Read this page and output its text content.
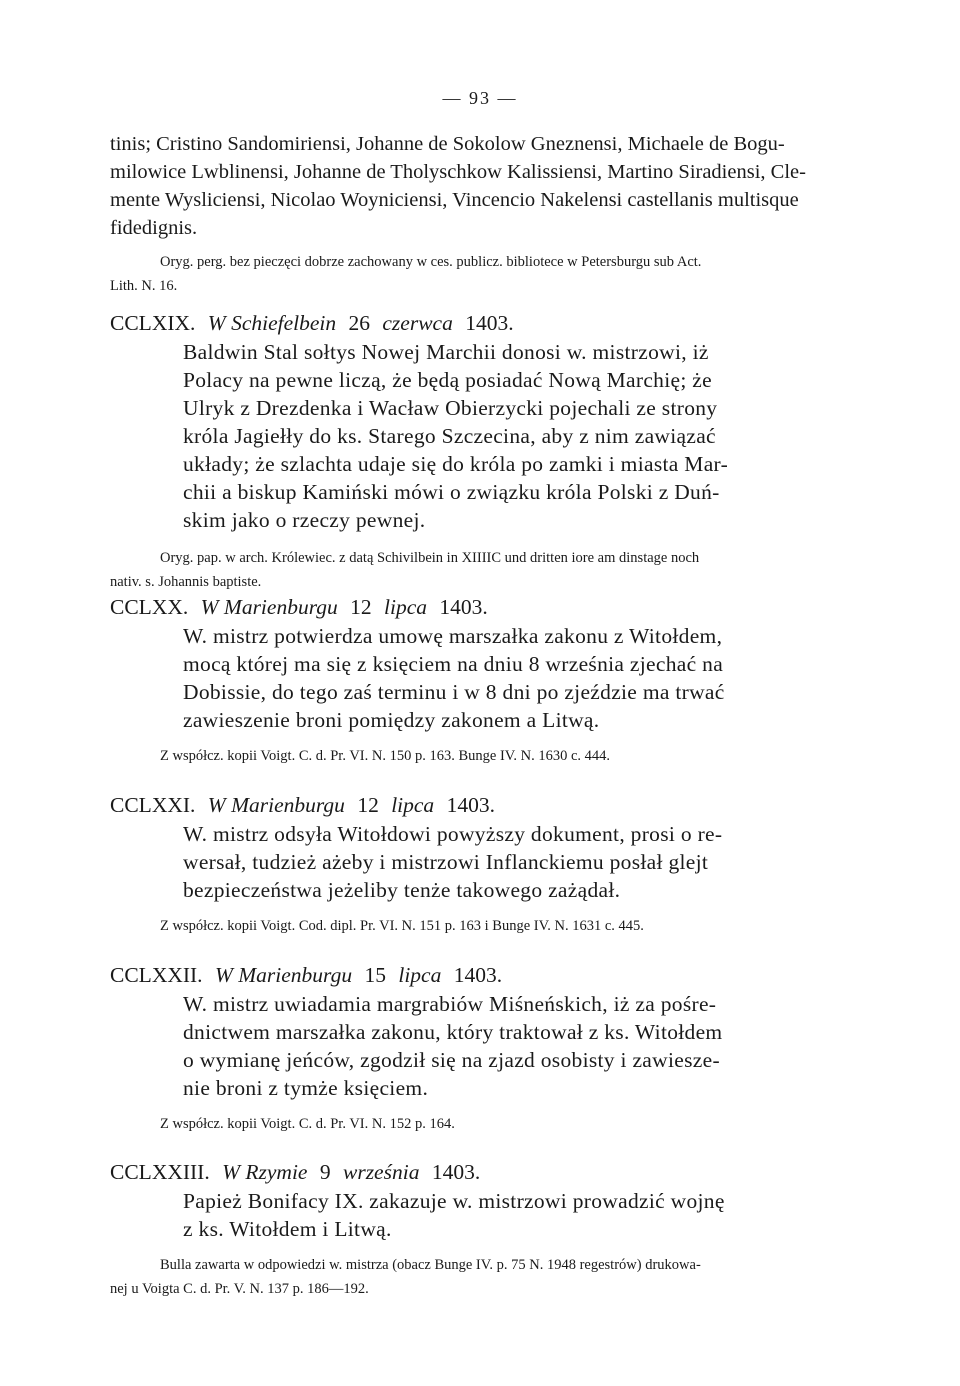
— 93 —

tinis; Cristino Sandomiriensi, Johanne de Sokolow Gneznensi, Michaele de Bogu-
milowice Lwblinensi, Johanne de Tholyschkow Kalissiensi, Martino Siradiensi, Cle-
mente Wysliciensi, Nicolao Woyniciensi, Vincencio Nakelensi castellanis multisque
fidedignis.

Oryg. perg. bez pieczęci dobrze zachowany w ces. publicz. bibliotece w Petersburgu sub Act.
Lith. N. 16.

CCLXIX. W Schiefelbein 26 czerwca 1403.

Baldwin Stal sołtys Nowej Marchii donosi w. mistrzowi, iż
Polacy na pewne liczą, że będą posiadać Nową Marchię; że
Ulryk z Drezdenka i Wacław Obierzycki pojechali ze strony
króla Jagiełły do ks. Starego Szczecina, aby z nim zawiązać
układy; że szlachta udaje się do króla po zamki i miasta Mar-
chii a biskup Kamiński mówi o związku króla Polski z Duń-
skim jako o rzeczy pewnej.

Oryg. pap. w arch. Królewiec. z datą Schivilbein in XIIIIC und dritten iore am dinstage noch
nativ. s. Johannis baptiste.

CCLXX. W Marienburgu 12 lipca 1403.

W. mistrz potwierdza umowę marszałka zakonu z Witołdem,
mocą której ma się z księciem na dniu 8 września zjechać na
Dobissie, do tego zaś terminu i w 8 dni po zjeździe ma trwać
zawieszenie broni pomiędzy zakonem a Litwą.

Z współcz. kopii Voigt. C. d. Pr. VI. N. 150 p. 163. Bunge IV. N. 1630 c. 444.

CCLXXI. W Marienburgu 12 lipca 1403.

W. mistrz odsyła Witołdowi powyższy dokument, prosi o re-
wersał, tudzież ażeby i mistrzowi Inflanckiemu posłał glejt
bezpieczeństwa jeżeliby tenże takowego zażądał.

Z współcz. kopii Voigt. Cod. dipl. Pr. VI. N. 151 p. 163 i Bunge IV. N. 1631 c. 445.

CCLXXII. W Marienburgu 15 lipca 1403.

W. mistrz uwiadamia margrabiów Miśneńskich, iż za pośre-
dnictwem marszałka zakonu, który traktował z ks. Witołdem
o wymianę jeńców, zgodził się na zjazd osobisty i zawiesze-
nie broni z tymże księciem.

Z współcz. kopii Voigt. C. d. Pr. VI. N. 152 p. 164.

CCLXXIII. W Rzymie 9 września 1403.

Papież Bonifacy IX. zakazuje w. mistrzowi prowadzić wojnę
z ks. Witołdem i Litwą.

Bulla zawarta w odpowiedzi w. mistrza (obacz Bunge IV. p. 75 N. 1948 regestrów) drukowa-
nej u Voigta C. d. Pr. V. N. 137 p. 186—192.
